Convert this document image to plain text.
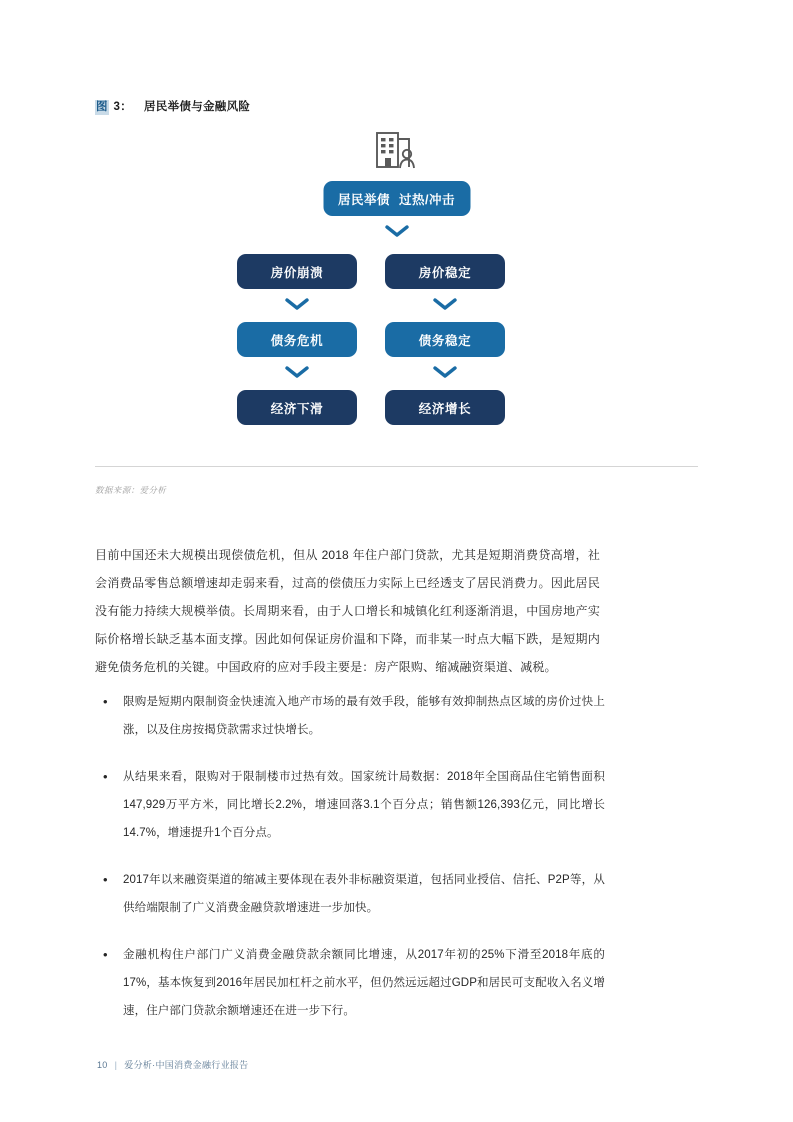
图 3： 居民举债与金融风险
居民举债 过热/冲击
房价崩溃	房价稳定
债务危机	债务稳定
经济下滑	经济增长
数据来源：爱分析
目前中国还未大规模出现偿债危机，但从 2018 年住户部门贷款，尤其是短期消费贷高增，社会消费品零售总额增速却走弱来看，过高的偿债压力实际上已经透支了居民消费力。因此居民没有能力持续大规模举债。长周期来看，由于人口增长和城镇化红利逐渐消退，中国房地产实际价格增长缺乏基本面支撑。因此如何保证房价温和下降，而非某一时点大幅下跌，是短期内避免债务危机的关键。中国政府的应对手段主要是：房产限购、缩减融资渠道、减税。
•	限购是短期内限制资金快速流入地产市场的最有效手段，能够有效抑制热点区域的房价过快上涨，以及住房按揭贷款需求过快增长。
•	从结果来看，限购对于限制楼市过热有效。国家统计局数据：2018年全国商品住宅销售面积147,929万平方米，同比增长2.2%，增速回落3.1个百分点；销售额126,393亿元，同比增长14.7%，增速提升1个百分点。
•	2017年以来融资渠道的缩减主要体现在表外非标融资渠道，包括同业授信、信托、P2P等，从供给端限制了广义消费金融贷款增速进一步加快。
•	金融机构住户部门广义消费金融贷款余额同比增速，从2017年初的25%下滑至2018年底的17%，基本恢复到2016年居民加杠杆之前水平，但仍然远远超过GDP和居民可支配收入名义增速，住户部门贷款余额增速还在进一步下行。
10 | 爱分析·中国消费金融行业报告
